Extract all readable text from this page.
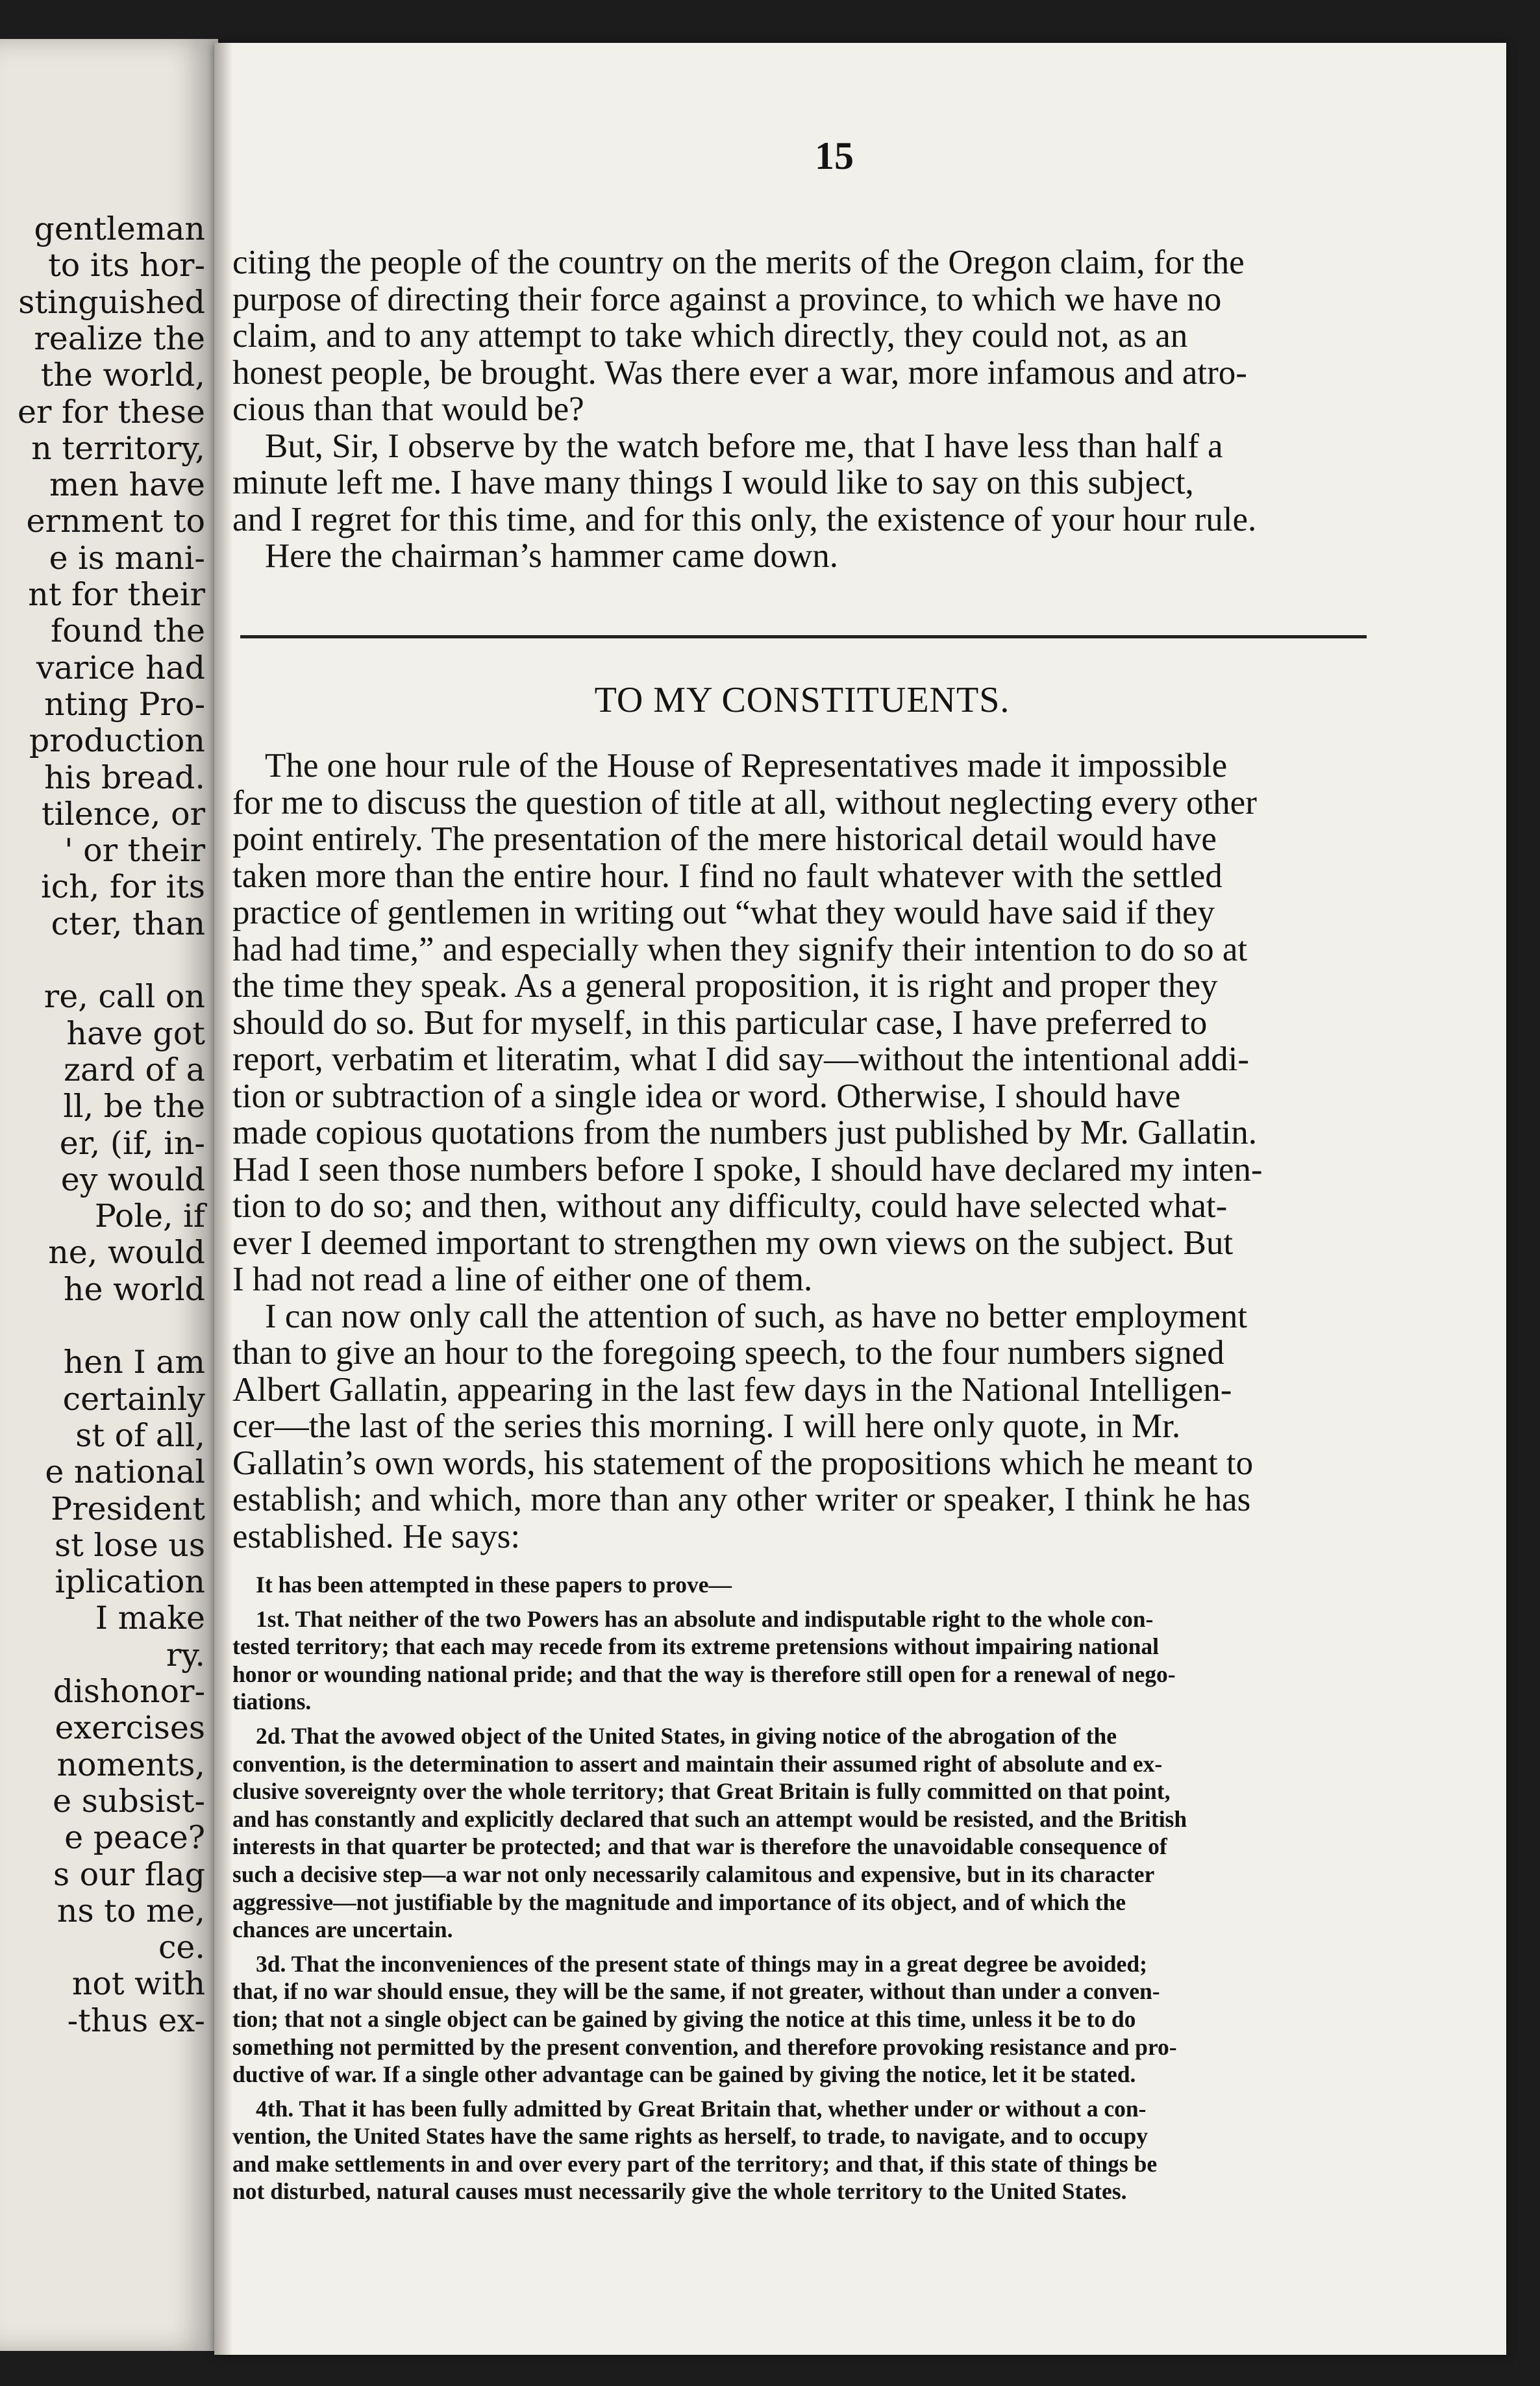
gentleman
to its hor-
stinguished
realize the
the world,
er for these
n territory,
men have
ernment to
e is mani-
nt for their
found the
varice had
nting Pro-
production
his bread.
tilence, or
' or their
ich, for its
cter, than
re, call on
have got
zard of a
ll, be the
er, (if, in-
ey would
Pole, if
ne, would
he world
hen I am
certainly
st of all,
e national
President
st lose us
iplication
I make
ry.
dishonor-
exercises
noments,
e subsist-
e peace?
s our flag
ns to me,
ce.
not with
-thus ex-
15
citing the people of the country on the merits of the Oregon claim, for the
purpose of directing their force against a province, to which we have no
claim, and to any attempt to take which directly, they could not, as an
honest people, be brought. Was there ever a war, more infamous and atro-
cious than that would be?
But, Sir, I observe by the watch before me, that I have less than half a
minute left me. I have many things I would like to say on this subject,
and I regret for this time, and for this only, the existence of your hour rule.
Here the chairman’s hammer came down.
TO MY CONSTITUENTS.
The one hour rule of the House of Representatives made it impossible
for me to discuss the question of title at all, without neglecting every other
point entirely. The presentation of the mere historical detail would have
taken more than the entire hour. I find no fault whatever with the settled
practice of gentlemen in writing out “what they would have said if they
had had time,” and especially when they signify their intention to do so at
the time they speak. As a general proposition, it is right and proper they
should do so. But for myself, in this particular case, I have preferred to
report, verbatim et literatim, what I did say—without the intentional addi-
tion or subtraction of a single idea or word. Otherwise, I should have
made copious quotations from the numbers just published by Mr. Gallatin.
Had I seen those numbers before I spoke, I should have declared my inten-
tion to do so; and then, without any difficulty, could have selected what-
ever I deemed important to strengthen my own views on the subject. But
I had not read a line of either one of them.
I can now only call the attention of such, as have no better employment
than to give an hour to the foregoing speech, to the four numbers signed
Albert Gallatin, appearing in the last few days in the National Intelligen-
cer—the last of the series this morning. I will here only quote, in Mr.
Gallatin’s own words, his statement of the propositions which he meant to
establish; and which, more than any other writer or speaker, I think he has
established. He says:
It has been attempted in these papers to prove—
1st. That neither of the two Powers has an absolute and indisputable right to the whole con-
tested territory; that each may recede from its extreme pretensions without impairing national
honor or wounding national pride; and that the way is therefore still open for a renewal of nego-
tiations.
2d. That the avowed object of the United States, in giving notice of the abrogation of the
convention, is the determination to assert and maintain their assumed right of absolute and ex-
clusive sovereignty over the whole territory; that Great Britain is fully committed on that point,
and has constantly and explicitly declared that such an attempt would be resisted, and the British
interests in that quarter be protected; and that war is therefore the unavoidable consequence of
such a decisive step—a war not only necessarily calamitous and expensive, but in its character
aggressive—not justifiable by the magnitude and importance of its object, and of which the
chances are uncertain.
3d. That the inconveniences of the present state of things may in a great degree be avoided;
that, if no war should ensue, they will be the same, if not greater, without than under a conven-
tion; that not a single object can be gained by giving the notice at this time, unless it be to do
something not permitted by the present convention, and therefore provoking resistance and pro-
ductive of war. If a single other advantage can be gained by giving the notice, let it be stated.
4th. That it has been fully admitted by Great Britain that, whether under or without a con-
vention, the United States have the same rights as herself, to trade, to navigate, and to occupy
and make settlements in and over every part of the territory; and that, if this state of things be
not disturbed, natural causes must necessarily give the whole territory to the United States.
